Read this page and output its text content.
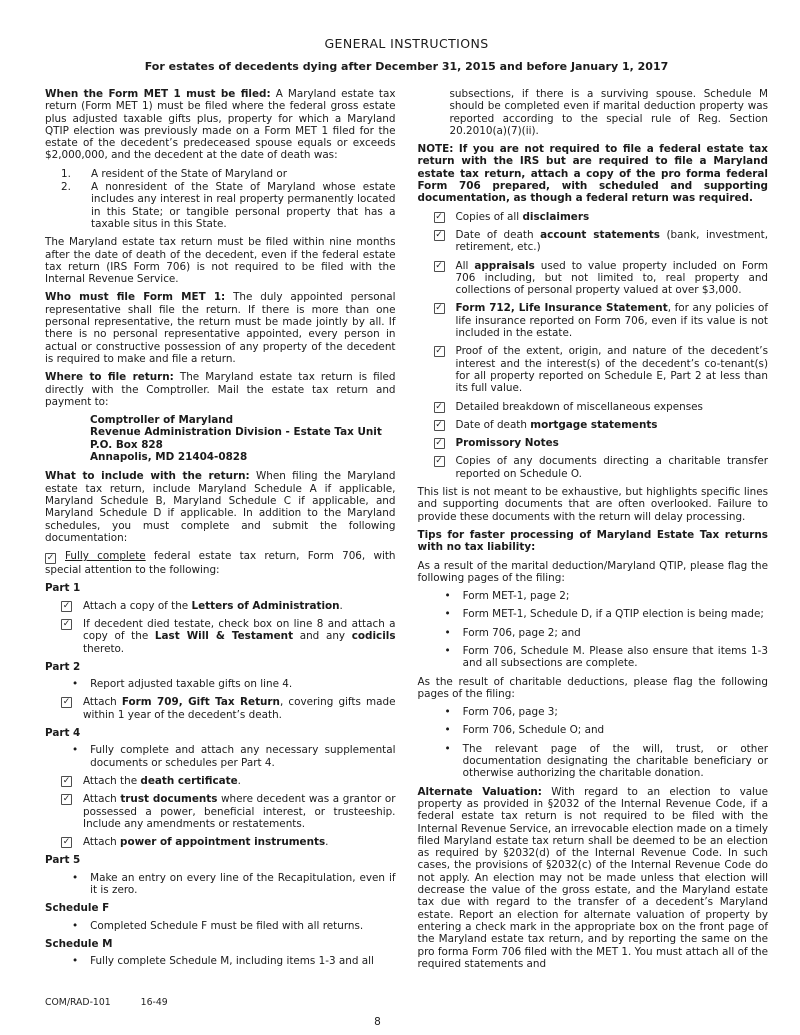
GENERAL INSTRUCTIONS
For estates of decedents dying after December 31, 2015 and before January 1, 2017

When the Form MET 1 must be filed: A Maryland estate tax return (Form MET 1) must be filed where the federal gross estate plus adjusted taxable gifts plus, property for which a Maryland QTIP election was previously made on a Form MET 1 filed for the estate of the decedent’s predeceased spouse equals or exceeds $2,000,000, and the decedent at the date of death was:

1.	A resident of the State of Maryland or
2.	A nonresident of the State of Maryland whose estate includes any interest in real property permanently located in this State; or tangible personal property that has a taxable situs in this State.

The Maryland estate tax return must be filed within nine months after the date of death of the decedent, even if the federal estate tax return (IRS Form 706) is not required to be filed with the Internal Revenue Service.

Who must file Form MET 1: The duly appointed personal representative shall file the return. If there is more than one personal representative, the return must be made jointly by all. If there is no personal representative appointed, every person in actual or constructive possession of any property of the decedent is required to make and file a return.

Where to file return: The Maryland estate tax return is filed directly with the Comptroller. Mail the estate tax return and payment to:

Comptroller of Maryland
Revenue Administration Division - Estate Tax Unit
P.O. Box 828
Annapolis, MD 21404-0828

What to include with the return: When filing the Maryland estate tax return, include Maryland Schedule A if applicable, Maryland Schedule B, Maryland Schedule C if applicable, and Maryland Schedule D if applicable. In addition to the Maryland schedules, you must complete and submit the following documentation:

✓ Fully complete federal estate tax return, Form 706, with special attention to the following:

Part 1
✓ Attach a copy of the Letters of Administration.
✓ If decedent died testate, check box on line 8 and attach a copy of the Last Will & Testament and any codicils thereto.
Part 2
• Report adjusted taxable gifts on line 4.
✓ Attach Form 709, Gift Tax Return, covering gifts made within 1 year of the decedent’s death.
Part 4
• Fully complete and attach any necessary supplemental documents or schedules per Part 4.
✓ Attach the death certificate.
✓ Attach trust documents where decedent was a grantor or possessed a power, beneficial interest, or trusteeship. Include any amendments or restatements.
✓ Attach power of appointment instruments.
Part 5
• Make an entry on every line of the Recapitulation, even if it is zero.
Schedule F
• Completed Schedule F must be filed with all returns.
Schedule M
• Fully complete Schedule M, including items 1-3 and all

subsections, if there is a surviving spouse. Schedule M should be completed even if marital deduction property was reported according to the special rule of Reg. Section 20.2010(a)(7)(ii).

NOTE: If you are not required to file a federal estate tax return with the IRS but are required to file a Maryland estate tax return, attach a copy of the pro forma federal Form 706 prepared, with scheduled and supporting documentation, as though a federal return was required.

✓ Copies of all disclaimers
✓ Date of death account statements (bank, investment, retirement, etc.)
✓ All appraisals used to value property included on Form 706 including, but not limited to, real property and collections of personal property valued at over $3,000.
✓ Form 712, Life Insurance Statement, for any policies of life insurance reported on Form 706, even if its value is not included in the estate.
✓ Proof of the extent, origin, and nature of the decedent’s interest and the interest(s) of the decedent’s co-tenant(s) for all property reported on Schedule E, Part 2 at less than its full value.
✓ Detailed breakdown of miscellaneous expenses
✓ Date of death mortgage statements
✓ Promissory Notes
✓ Copies of any documents directing a charitable transfer reported on Schedule O.

This list is not meant to be exhaustive, but highlights specific lines and supporting documents that are often overlooked. Failure to provide these documents with the return will delay processing.

Tips for faster processing of Maryland Estate Tax returns with no tax liability:

As a result of the marital deduction/Maryland QTIP, please flag the following pages of the filing:

• Form MET-1, page 2;
• Form MET-1, Schedule D, if a QTIP election is being made;
• Form 706, page 2; and
• Form 706, Schedule M. Please also ensure that items 1-3 and all subsections are complete.

As the result of charitable deductions, please flag the following pages of the filing:

• Form 706, page 3;
• Form 706, Schedule O; and
• The relevant page of the will, trust, or other documentation designating the charitable beneficiary or otherwise authorizing the charitable donation.

Alternate Valuation: With regard to an election to value property as provided in §2032 of the Internal Revenue Code, if a federal estate tax return is not required to be filed with the Internal Revenue Service, an irrevocable election made on a timely filed Maryland estate tax return shall be deemed to be an election as required by §2032(d) of the Internal Revenue Code. In such cases, the provisions of §2032(c) of the Internal Revenue Code do not apply. An election may not be made unless that election will decrease the value of the gross estate, and the Maryland estate tax due with regard to the transfer of a decedent’s Maryland estate. Report an election for alternate valuation of property by entering a check mark in the appropriate box on the front page of the Maryland estate tax return, and by reporting the same on the pro forma Form 706 filed with the MET 1. You must attach all of the required statements and

COM/RAD-101	16-49
8
